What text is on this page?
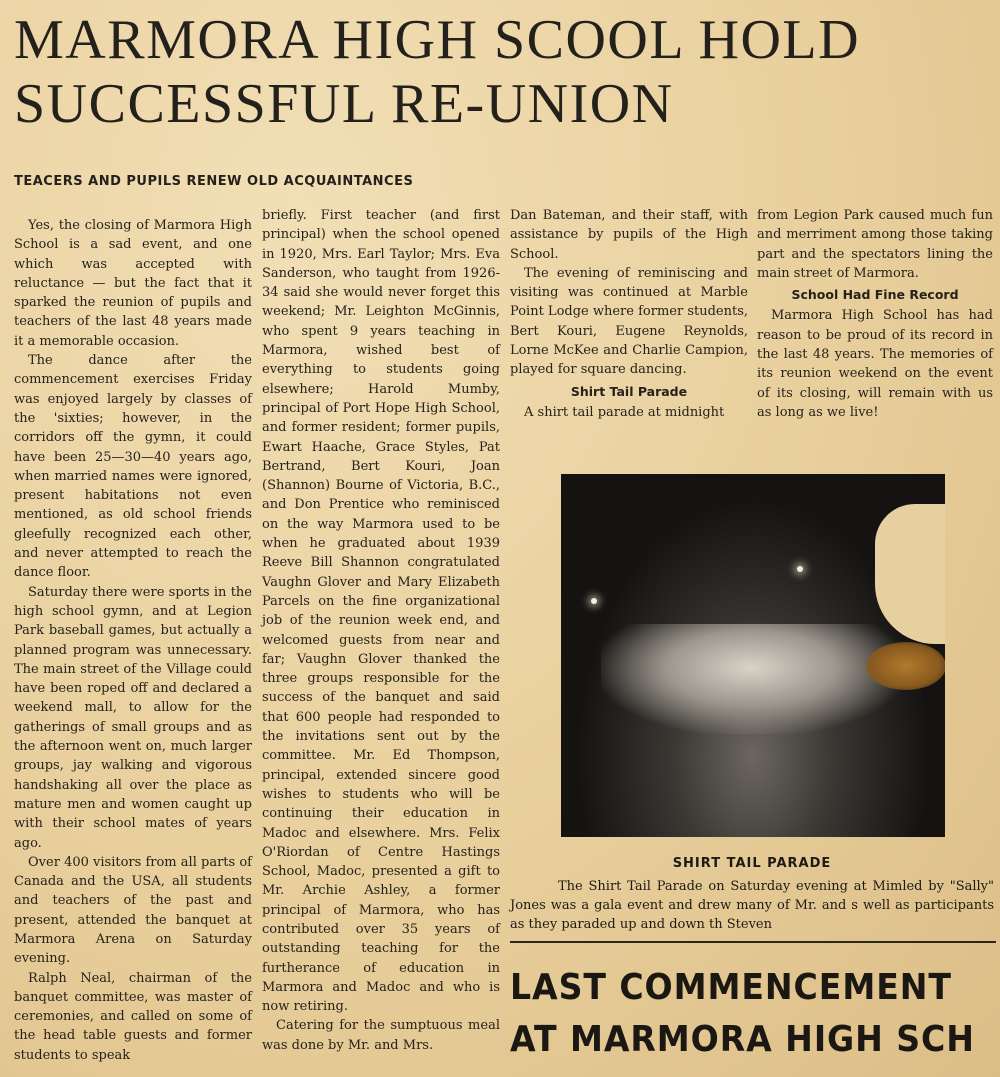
MARMORA HIGH SCOOL HOLD
SUCCESSFUL RE-UNION
TEACERS AND PUPILS RENEW OLD ACQUAINTANCES

Yes, the closing of Marmora High School is a sad event, and one which was accepted with reluctance — but the fact that it sparked the reunion of pupils and teachers of the last 48 years made it a memorable occasion.

The dance after the commencement exercises Friday was enjoyed largely by classes of the 'sixties; however, in the corridors off the gymn, it could have been 25—30—40 years ago, when married names were ignored, present habitations not even mentioned, as old school friends gleefully recognized each other, and never attempted to reach the dance floor.

Saturday there were sports in the high school gymn, and at Legion Park baseball games, but actually a planned program was unnecessary. The main street of the Village could have been roped off and declared a weekend mall, to allow for the gatherings of small groups and as the afternoon went on, much larger groups, jay walking and vigorous handshaking all over the place as mature men and women caught up with their school mates of years ago.

Over 400 visitors from all parts of Canada and the USA, all students and teachers of the past and present, attended the banquet at Marmora Arena on Saturday evening.

Ralph Neal, chairman of the banquet committee, was master of ceremonies, and called on some of the head table guests and former students to speak

briefly. First teacher (and first principal) when the school opened in 1920, Mrs. Earl Taylor; Mrs. Eva Sanderson, who taught from 1926-34 said she would never forget this weekend; Mr. Leighton McGinnis, who spent 9 years teaching in Marmora, wished best of everything to students going elsewhere; Harold Mumby, principal of Port Hope High School, and former resident; former pupils, Ewart Haache, Grace Styles, Pat Bertrand, Bert Kouri, Joan (Shannon) Bourne of Victoria, B.C., and Don Prentice who reminisced on the way Marmora used to be when he graduated about 1939 Reeve Bill Shannon congratulated Vaughn Glover and Mary Elizabeth Parcels on the fine organizational job of the reunion week end, and welcomed guests from near and far; Vaughn Glover thanked the three groups responsible for the success of the banquet and said that 600 people had responded to the invitations sent out by the committee. Mr. Ed Thompson, principal, extended sincere good wishes to students who will be continuing their education in Madoc and elsewhere. Mrs. Felix O'Riordan of Centre Hastings School, Madoc, presented a gift to Mr. Archie Ashley, a former principal of Marmora, who has contributed over 35 years of outstanding teaching for the furtherance of education in Marmora and Madoc and who is now retiring.

Catering for the sumptuous meal was done by Mr. and Mrs.

Dan Bateman, and their staff, with assistance by pupils of the High School.

The evening of reminiscing and visiting was continued at Marble Point Lodge where former students, Bert Kouri, Eugene Reynolds, Lorne McKee and Charlie Campion, played for square dancing.

Shirt Tail Parade

A shirt tail parade at midnight

from Legion Park caused much fun and merriment among those taking part and the spectators lining the main street of Marmora.

School Had Fine Record

Marmora High School has had reason to be proud of its record in the last 48 years. The memories of its reunion weekend on the event of its closing, will remain with us as long as we live!

SHIRT TAIL PARADE

The Shirt Tail Parade on Saturday evening at Mimled by "Sally" Jones was a gala event and drew many of Mr. and s well as participants as they paraded up and down th Steven

LAST COMMENCEMENT
AT MARMORA HIGH SCH
